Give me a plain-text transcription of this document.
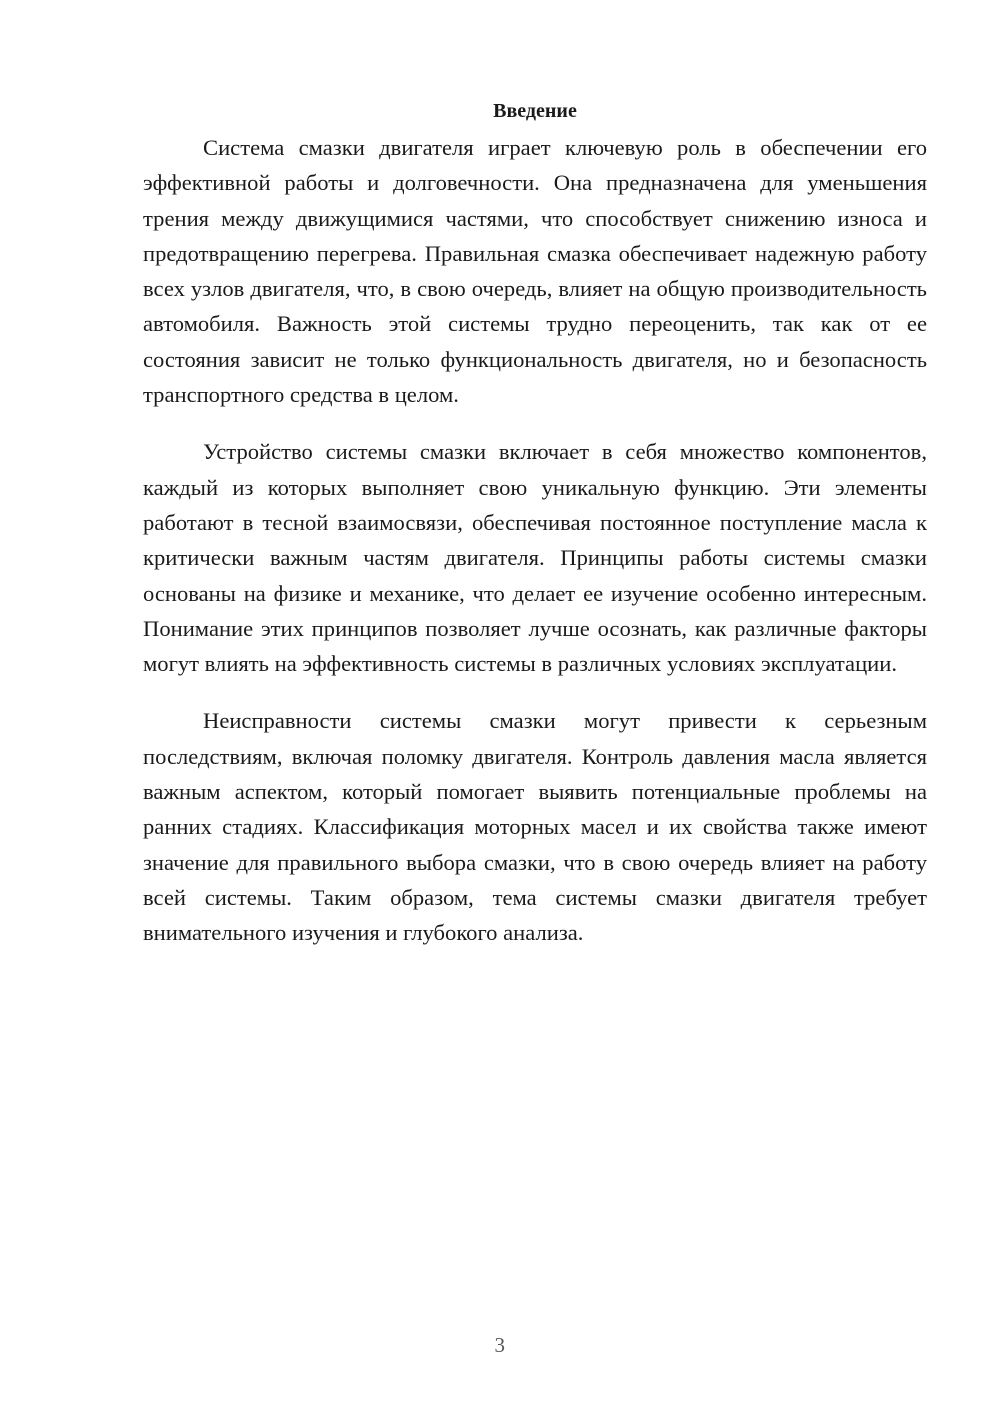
Введение

Система смазки двигателя играет ключевую роль в обеспечении его эффективной работы и долговечности. Она предназначена для уменьшения трения между движущимися частями, что способствует снижению износа и предотвращению перегрева. Правильная смазка обеспечивает надежную работу всех узлов двигателя, что, в свою очередь, влияет на общую производительность автомобиля. Важность этой системы трудно переоценить, так как от ее состояния зависит не только функциональность двигателя, но и безопасность транспортного средства в целом.

Устройство системы смазки включает в себя множество компонентов, каждый из которых выполняет свою уникальную функцию. Эти элементы работают в тесной взаимосвязи, обеспечивая постоянное поступление масла к критически важным частям двигателя. Принципы работы системы смазки основаны на физике и механике, что делает ее изучение особенно интересным. Понимание этих принципов позволяет лучше осознать, как различные факторы могут влиять на эффективность системы в различных условиях эксплуатации.

Неисправности системы смазки могут привести к серьезным последствиям, включая поломку двигателя. Контроль давления масла является важным аспектом, который помогает выявить потенциальные проблемы на ранних стадиях. Классификация моторных масел и их свойства также имеют значение для правильного выбора смазки, что в свою очередь влияет на работу всей системы. Таким образом, тема системы смазки двигателя требует внимательного изучения и глубокого анализа.

3
